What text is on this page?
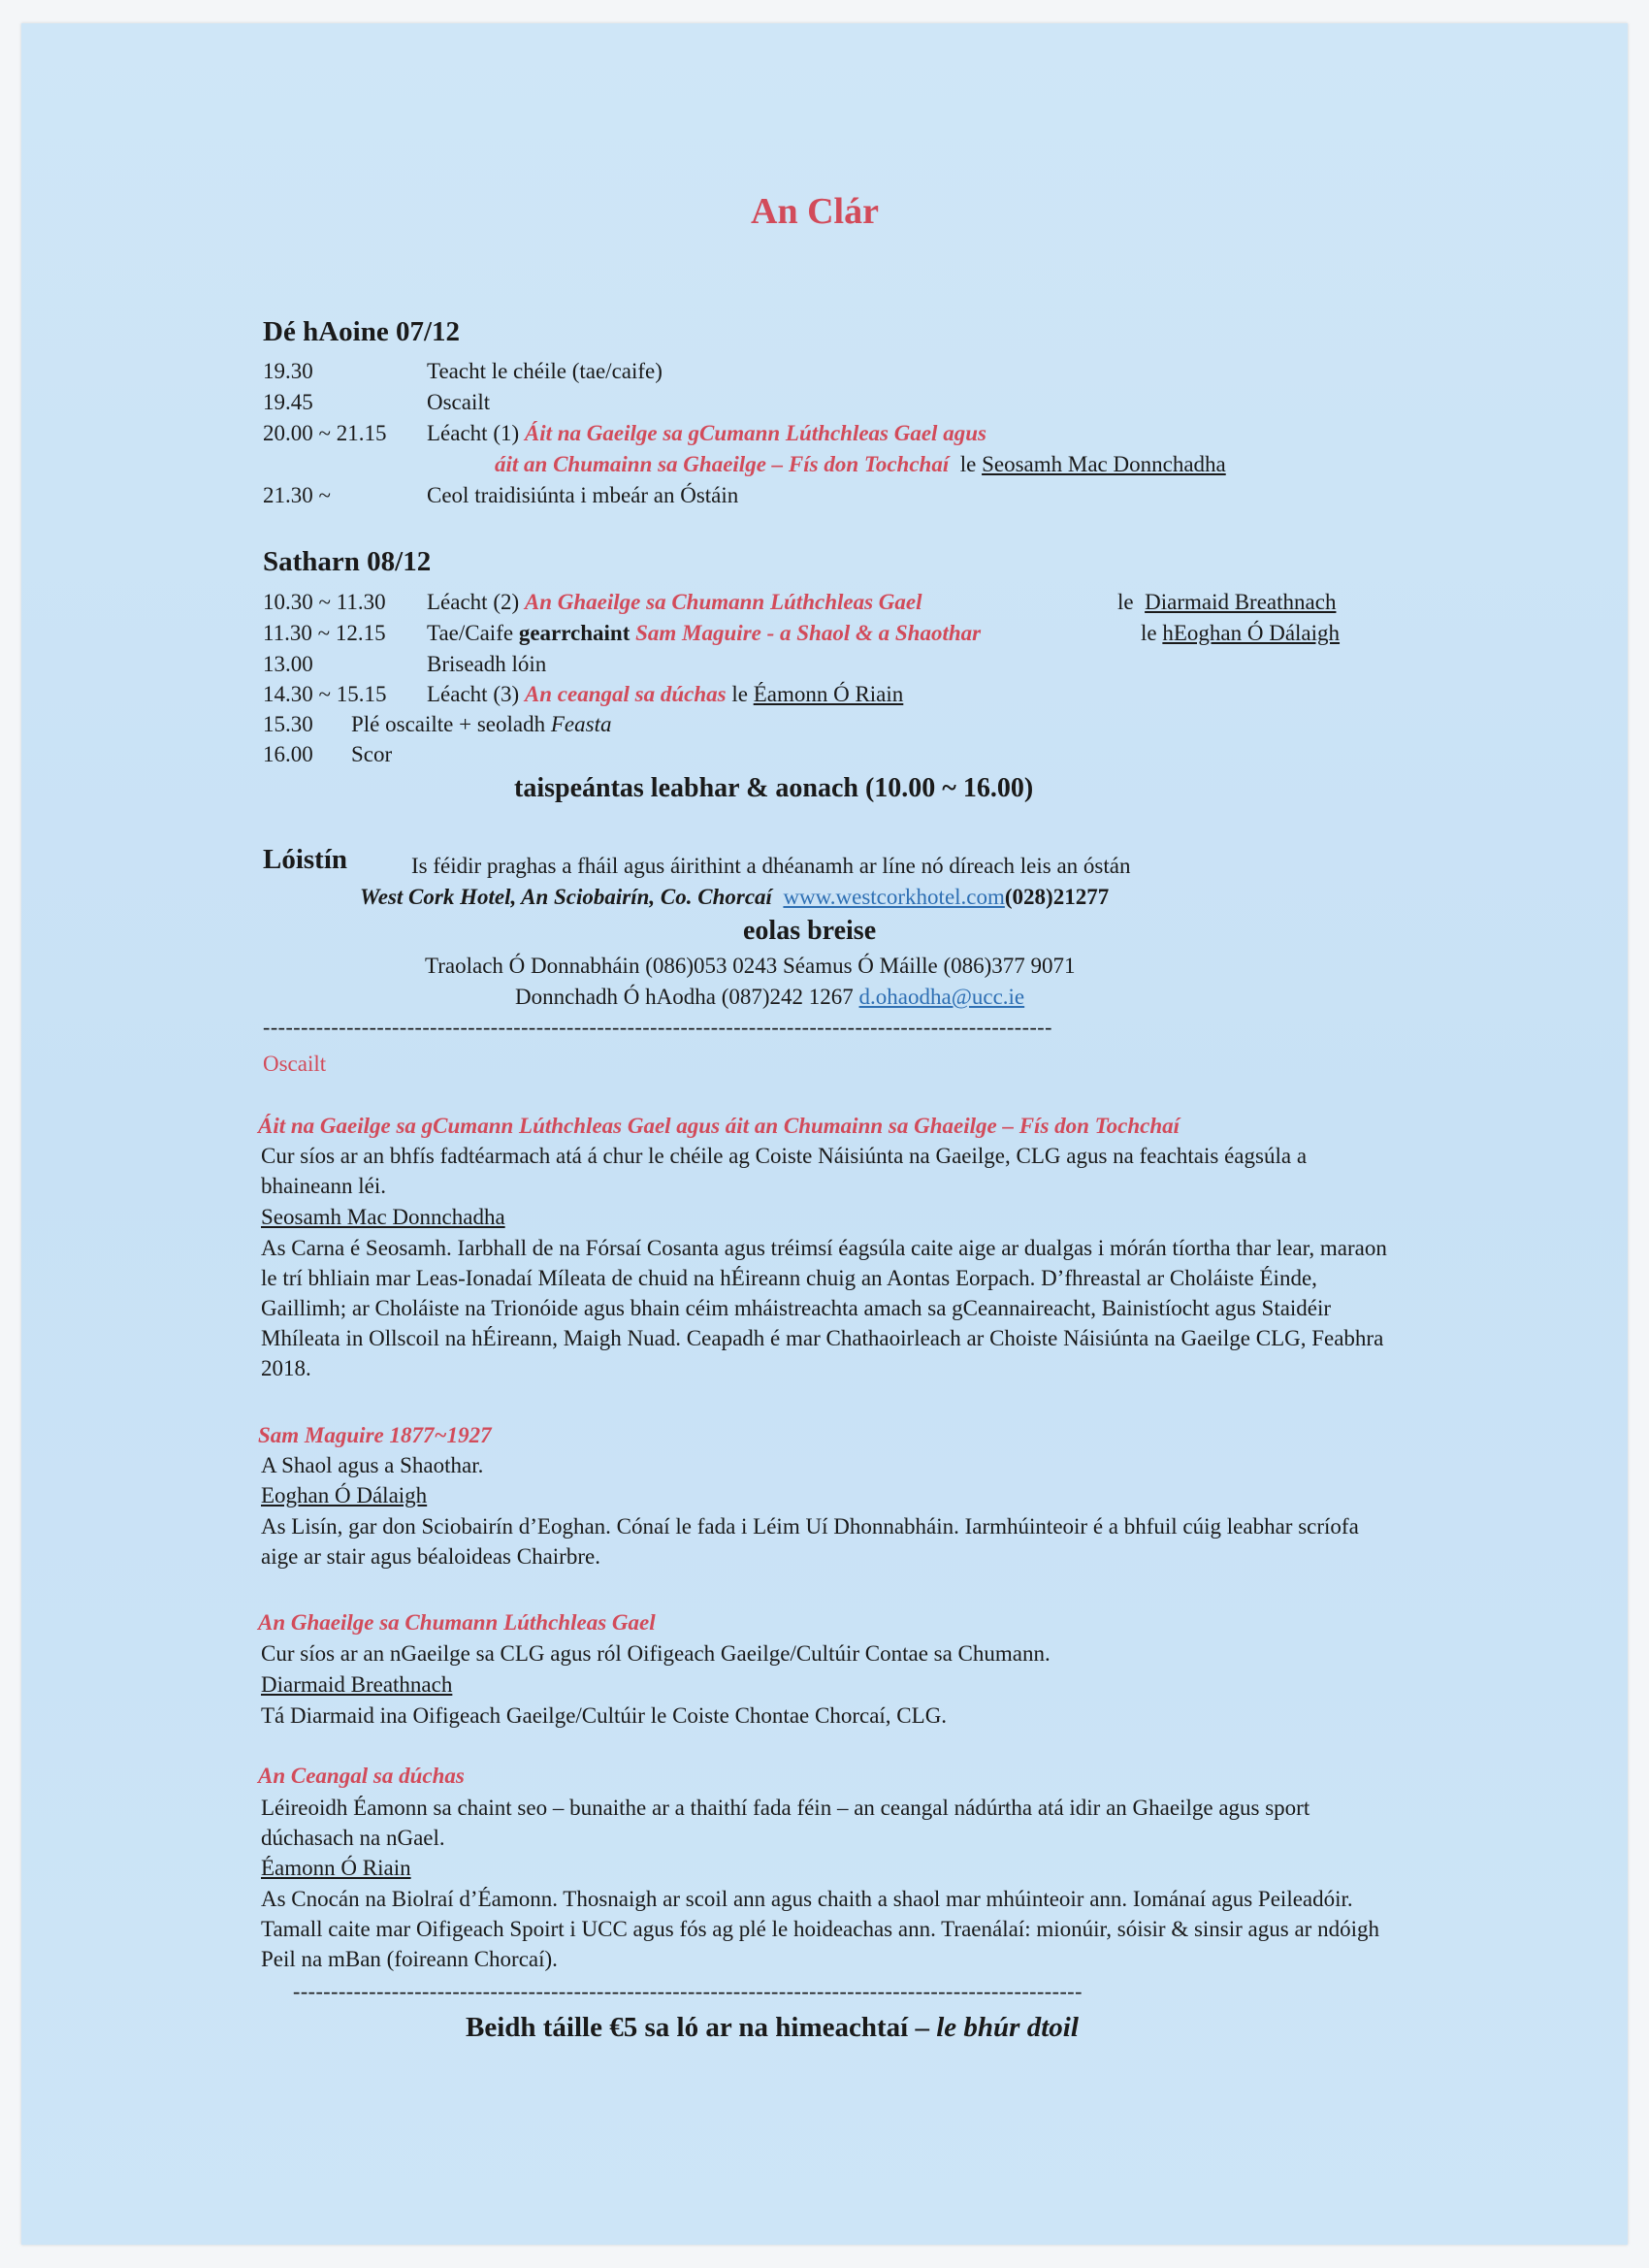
An Clár
Dé hAoine 07/12
19.30	Teacht le chéile (tae/caife)
19.45	Oscailt
20.00 ~ 21.15 Léacht (1) Áit na Gaeilge sa gCumann Lúthchleas Gael agus
áit an Chumainn sa Ghaeilge – Fís don Tochchaí le Seosamh Mac Donnchadha
21.30 ~	Ceol traidisiúnta i mbeár an Óstáin
Satharn 08/12
10.30 ~ 11.30 Léacht (2) An Ghaeilge sa Chumann Lúthchleas Gael	le Diarmaid Breathnach
11.30 ~ 12.15 Tae/Caife gearrchaint Sam Maguire - a Shaol & a Shaothar	le hEoghan Ó Dálaigh
13.00	Briseadh lóin
14.30 ~ 15.15 Léacht (3) An ceangal sa dúchas le Éamonn Ó Riain
15.30 Plé oscailte + seoladh Feasta
16.00 Scor
taispeántas leabhar & aonach (10.00 ~ 16.00)
Lóistín	Is féidir praghas a fháil agus áirithint a dhéanamh ar líne nó díreach leis an óstán
West Cork Hotel, An Sciobairín, Co. Chorcaí www.westcorkhotel.com(028)21277
eolas breise
Traolach Ó Donnabháin (086)053 0243 Séamus Ó Máille (086)377 9071
Donnchadh Ó hAodha (087)242 1267 d.ohaodha@ucc.ie
--------------------------------------------------------------------------------------------------------
Oscailt
Áit na Gaeilge sa gCumann Lúthchleas Gael agus áit an Chumainn sa Ghaeilge – Fís don Tochchaí
Cur síos ar an bhfís fadtéarmach atá á chur le chéile ag Coiste Náisiúnta na Gaeilge, CLG agus na feachtais éagsúla a bhaineann léi.
Seosamh Mac Donnchadha
As Carna é Seosamh. Iarbhall de na Fórsaí Cosanta agus tréimsí éagsúla caite aige ar dualgas i mórán tíortha thar lear, maraon le trí bhliain mar Leas-Ionadaí Míleata de chuid na hÉireann chuig an Aontas Eorpach. D’fhreastal ar Choláiste Éinde, Gaillimh; ar Choláiste na Trionóide agus bhain céim mháistreachta amach sa gCeannaireacht, Bainistíocht agus Staidéir Mhíleata in Ollscoil na hÉireann, Maigh Nuad. Ceapadh é mar Chathaoirleach ar Choiste Náisiúnta na Gaeilge CLG, Feabhra 2018.
Sam Maguire 1877~1927
A Shaol agus a Shaothar.
Eoghan Ó Dálaigh
As Lisín, gar don Sciobairín d’Eoghan. Cónaí le fada i Léim Uí Dhonnabháin. Iarmhúinteoir é a bhfuil cúig leabhar scríofa aige ar stair agus béaloideas Chairbre.
An Ghaeilge sa Chumann Lúthchleas Gael
Cur síos ar an nGaeilge sa CLG agus ról Oifigeach Gaeilge/Cultúir Contae sa Chumann.
Diarmaid Breathnach
Tá Diarmaid ina Oifigeach Gaeilge/Cultúir le Coiste Chontae Chorcaí, CLG.
An Ceangal sa dúchas
Léireoidh Éamonn sa chaint seo – bunaithe ar a thaithí fada féin – an ceangal nádúrtha atá idir an Ghaeilge agus sport dúchasach na nGael.
Éamonn Ó Riain
As Cnocán na Biolraí d’Éamonn. Thosnaigh ar scoil ann agus chaith a shaol mar mhúinteoir ann. Iománaí agus Peileadóir. Tamall caite mar Oifigeach Spoirt i UCC agus fós ag plé le hoideachas ann. Traenálaí: mionúir, sóisir & sinsir agus ar ndóigh Peil na mBan (foireann Chorcaí).
--------------------------------------------------------------------------------------------------------
Beidh táille €5 sa ló ar na himeachtaí – le bhúr dtoil
